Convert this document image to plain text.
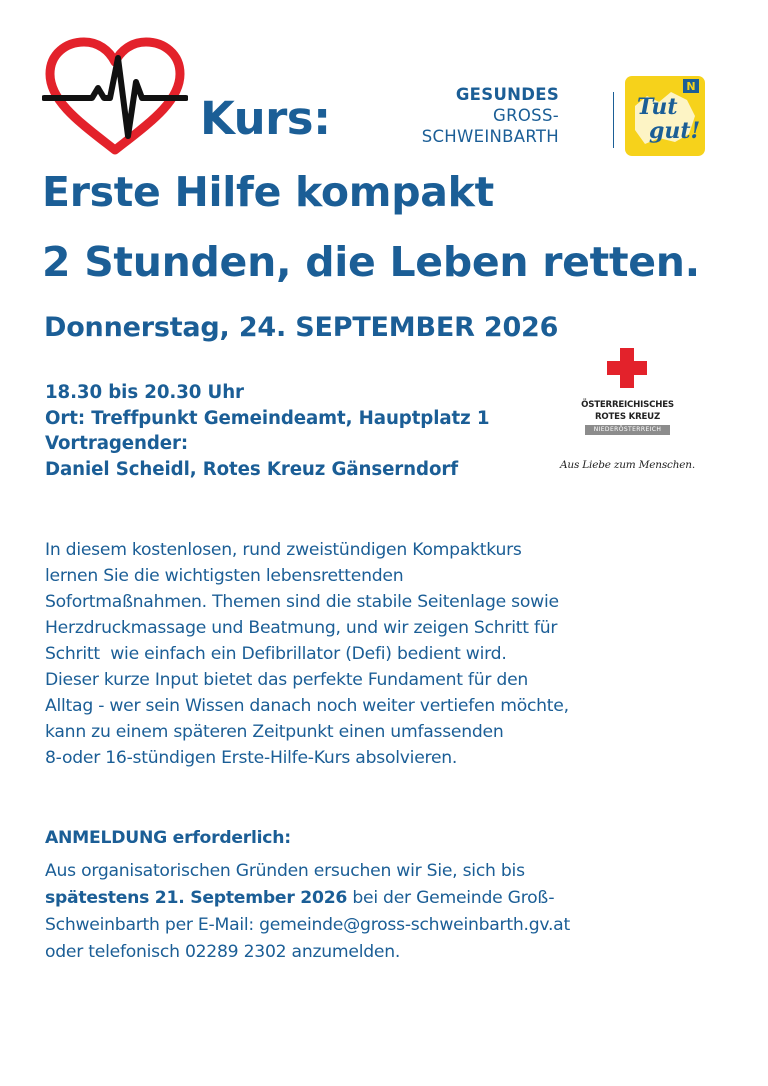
Kurs:	GESUNDES
GROSS-
SCHWEINBARTH
N
Tut
gut!
Erste Hilfe kompakt
2 Stunden, die Leben retten.
Donnerstag, 24. SEPTEMBER 2026
18.30 bis 20.30 Uhr
Ort: Treffpunkt Gemeindeamt, Hauptplatz 1
Vortragender:
Daniel Scheidl, Rotes Kreuz Gänserndorf
ÖSTERREICHISCHES
ROTES KREUZ
NIEDERÖSTERREICH
Aus Liebe zum Menschen.
In diesem kostenlosen, rund zweistündigen Kompaktkurs
lernen Sie die wichtigsten lebensrettenden
Sofortmaßnahmen. Themen sind die stabile Seitenlage sowie
Herzdruckmassage und Beatmung, und wir zeigen Schritt für
Schritt  wie einfach ein Defibrillator (Defi) bedient wird.
Dieser kurze Input bietet das perfekte Fundament für den
Alltag - wer sein Wissen danach noch weiter vertiefen möchte,
kann zu einem späteren Zeitpunkt einen umfassenden
8-oder 16-stündigen Erste-Hilfe-Kurs absolvieren.
ANMELDUNG erforderlich:
Aus organisatorischen Gründen ersuchen wir Sie, sich bis
spätestens 21. September 2026 bei der Gemeinde Groß-
Schweinbarth per E-Mail: gemeinde@gross-schweinbarth.gv.at
oder telefonisch 02289 2302 anzumelden.
